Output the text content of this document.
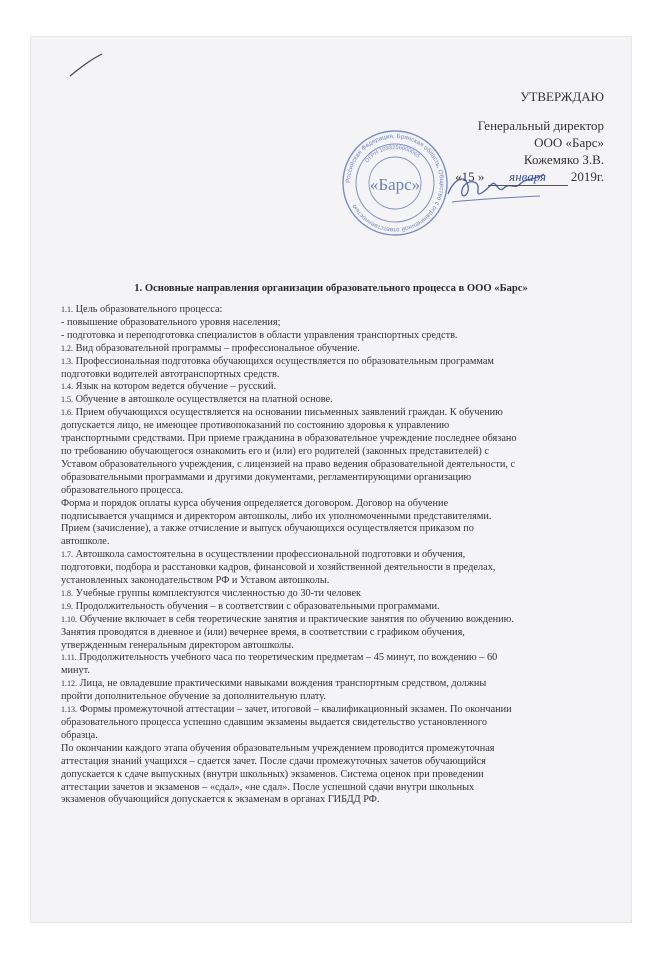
УТВЕРЖДАЮ
Генеральный директор
ООО «Барс»
Кожемяко З.В.
«15 » января 2019г.
Российская Федерация, Брянская область, Общество с ограниченной ответственностью
ОГРН 1093256000065
«Барс»
1. Основные направления организации образовательного процесса в ООО «Барс»

1.1. Цель образовательного процесса:

- повышение образовательного уровня населения;

- подготовка и переподготовка специалистов в области управления транспортных средств.

1.2. Вид образовательной программы – профессиональное обучение.

1.3. Профессиональная подготовка обучающихся осуществляется по образовательным программам

подготовки водителей автотранспортных средств.

1.4. Язык на котором ведется обучение – русский.

1.5. Обучение в автошколе осуществляется на платной основе.

1.6. Прием обучающихся осуществляется на основании письменных заявлений граждан. К обучению

допускается лицо, не имеющее противопоказаний по состоянию здоровья к управлению

транспортными средствами. При приеме гражданина в образовательное учреждение последнее обязано

по требованию обучающегося ознакомить его и (или) его родителей (законных представителей) с

Уставом образовательного учреждения, с лицензией на право ведения образовательной деятельности, с

образовательными программами и другими документами, регламентирующими организацию

образовательного процесса.

Форма и порядок оплаты курса обучения определяется договором. Договор на обучение

подписывается учащимся и директором автошколы, либо их уполномоченными представителями.

Прием (зачисление), а также отчисление и выпуск обучающихся осуществляется приказом по

автошколе.

1.7. Автошкола самостоятельна в осуществлении профессиональной подготовки и обучения,

подготовки, подбора и расстановки кадров, финансовой и хозяйственной деятельности в пределах,

установленных законодательством РФ и Уставом автошколы.

1.8. Учебные группы комплектуются численностью до 30-ти человек

1.9. Продолжительность обучения – в соответствии с образовательными программами.

1.10. Обучение включает в себя теоретические занятия и практические занятия по обучению вождению.

Занятия проводятся в дневное и (или) вечернее время, в соответствии с графиком обучения,

утвержденным генеральным директором автошколы.

1.11. Продолжительность учебного часа по теоретическим предметам – 45 минут, по вождению – 60

минут.

1.12. Лица, не овладевшие практическими навыками вождения транспортным средством, должны

пройти дополнительное обучение за дополнительную плату.

1.13. Формы промежуточной аттестации – зачет, итоговой – квалификационный экзамен. По окончании

образовательного процесса успешно сдавшим экзамены выдается свидетельство установленного

образца.

По окончании каждого этапа обучения образовательным учреждением проводится промежуточная

аттестация знаний учащихся – сдается зачет. После сдачи промежуточных зачетов обучающийся

допускается к сдаче выпускных (внутри школьных) экзаменов. Система оценок при проведении

аттестации зачетов и экзаменов – «сдал», «не сдал». После успешной сдачи внутри школьных

экзаменов обучающийся допускается к экзаменам в органах ГИБДД РФ.
